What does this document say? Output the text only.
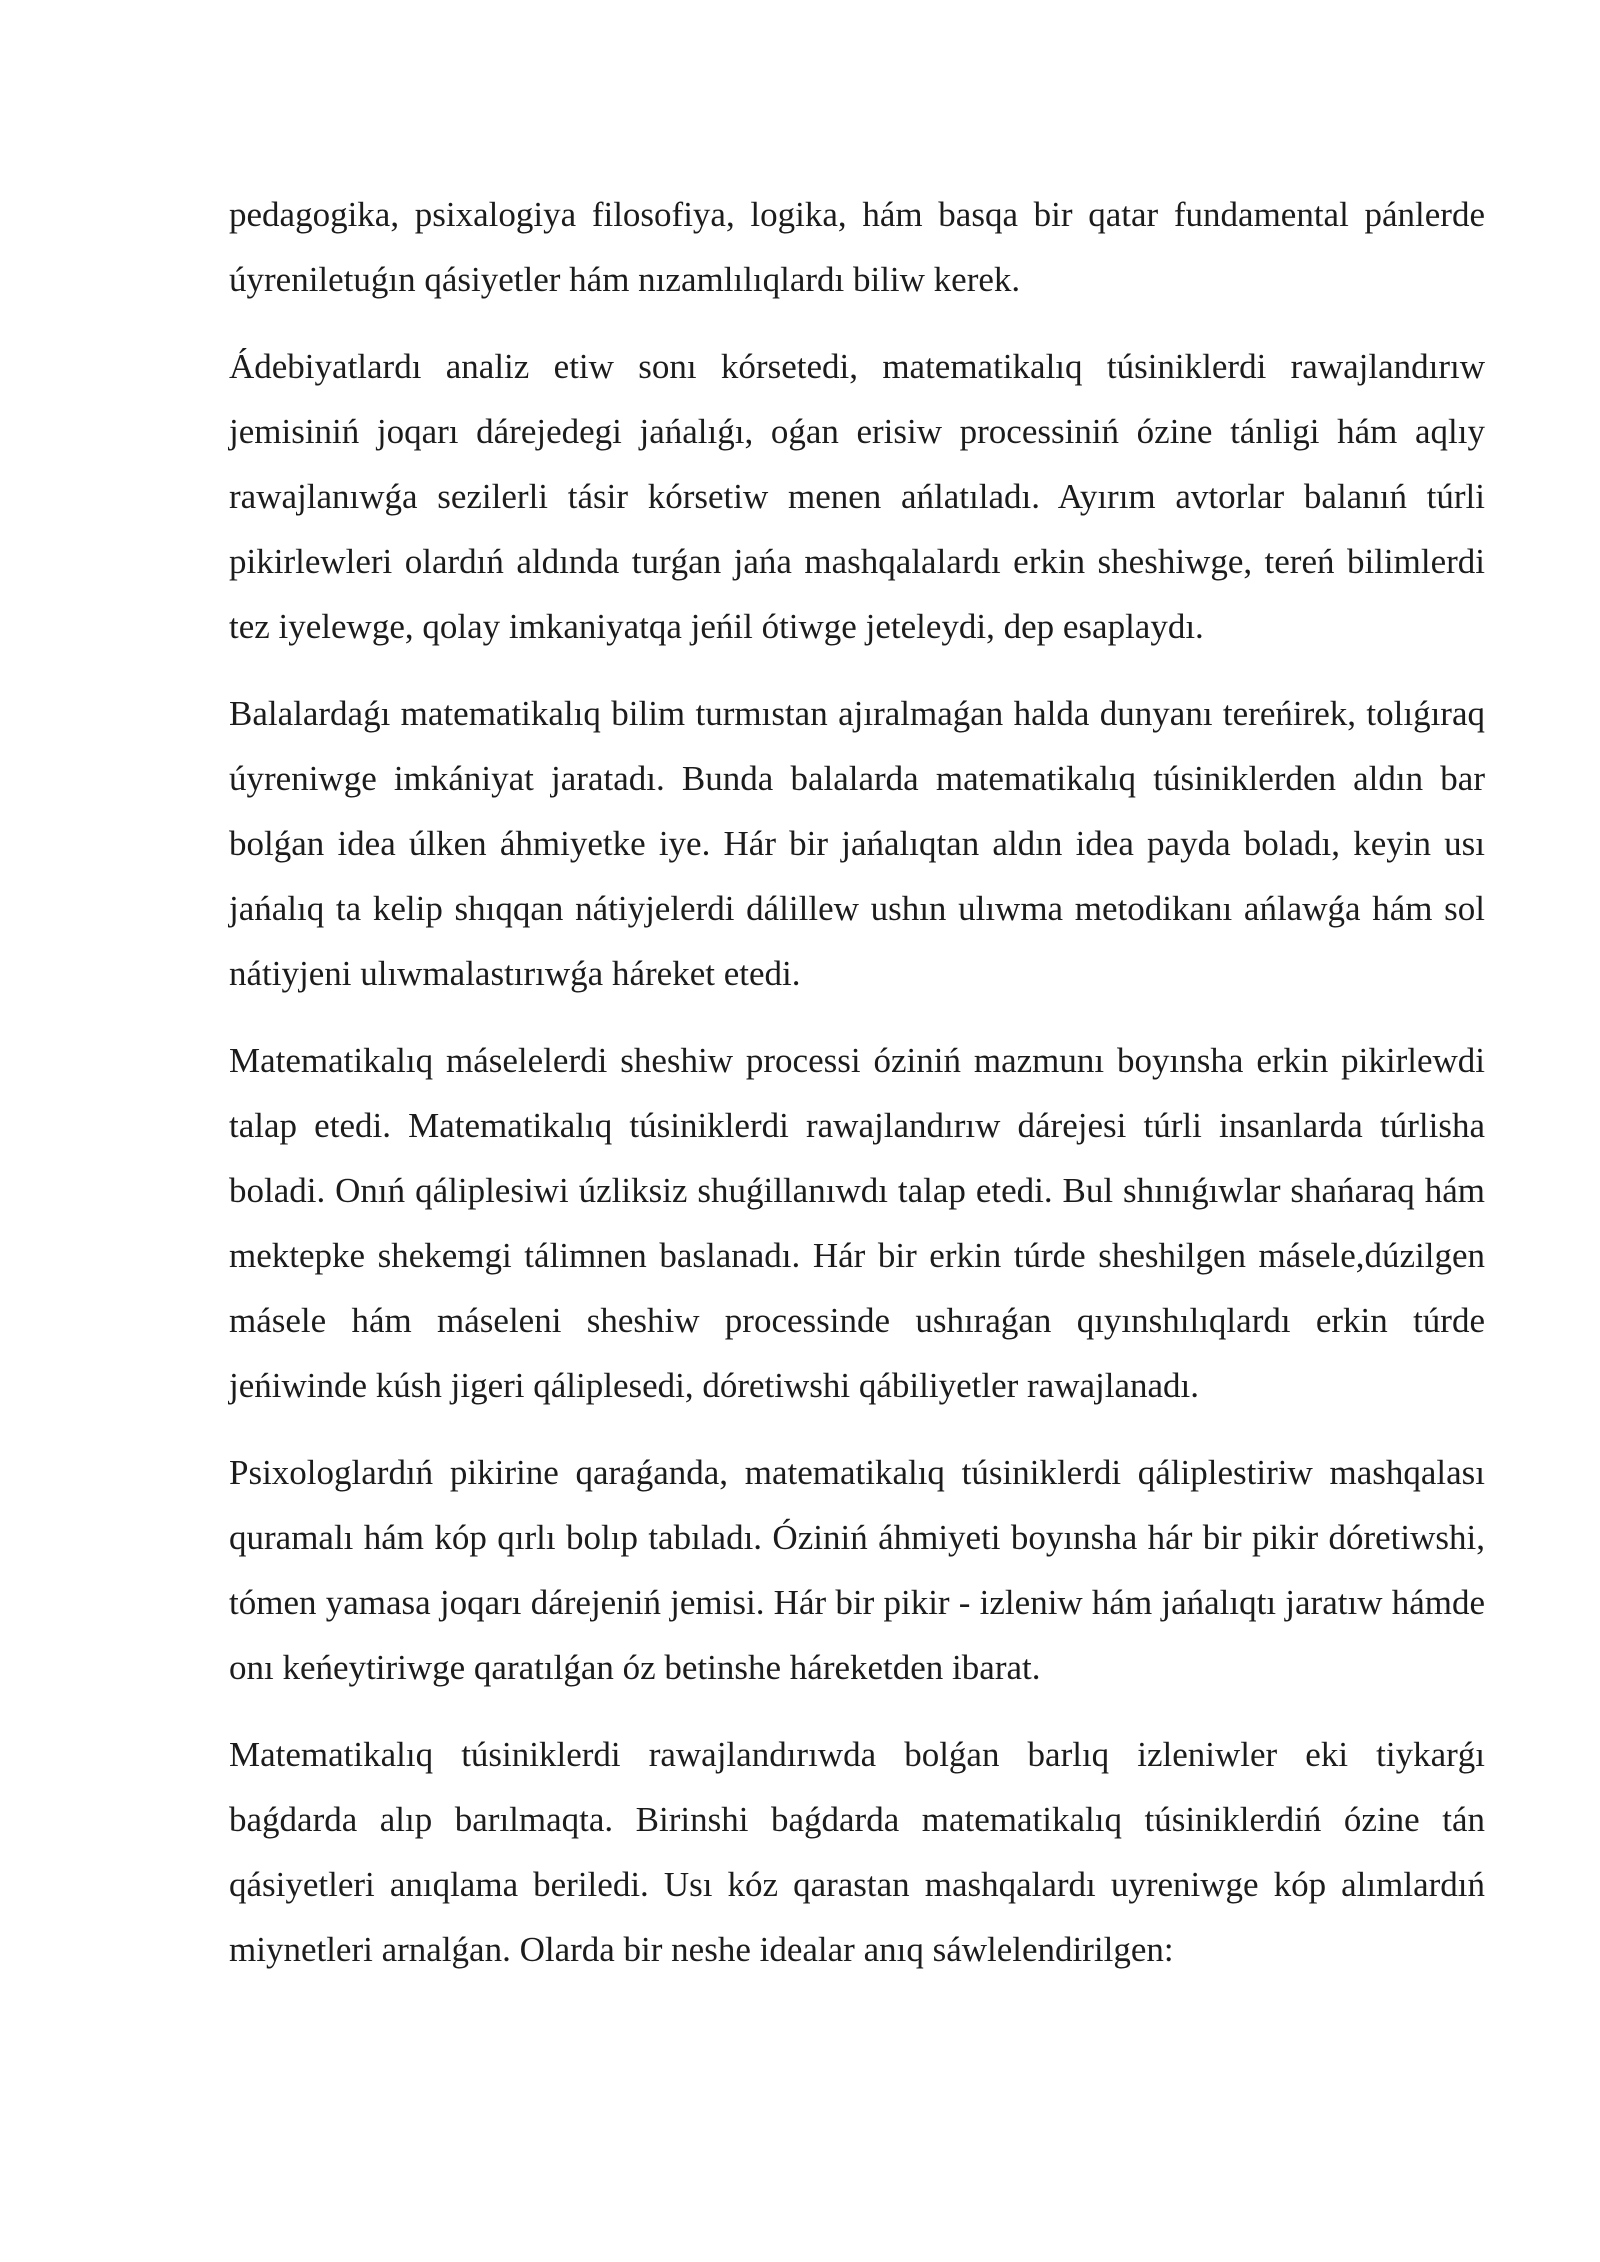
pedagogika, psixalogiya filosofiya, logika, hám basqa bir qatar fundamental pánlerde úyreniletuǵın qásiyetler hám nızamlılıqlardı biliw kerek.

Ádebiyatlardı analiz etiw sonı kórsetedi, matematikalıq túsiniklerdi rawajlandırıw jemisiniń joqarı dárejedegi jańalıǵı, oǵan erisiw processiniń ózine tánligi hám aqlıy rawajlanıwǵa sezilerli tásir kórsetiw menen ańlatıladı. Ayırım avtorlar balanıń túrli pikirlewleri olardıń aldında turǵan jańa mashqalalardı erkin sheshiwge, tereń bilimlerdi tez iyelewge, qolay imkaniyatqa jeńil ótiwge jeteleydi, dep esaplaydı.

Balalardaǵı matematikalıq bilim turmıstan ajıralmaǵan halda dunyanı tereńirek, tolıǵıraq úyreniwge imkániyat jaratadı. Bunda balalarda matematikalıq túsiniklerden aldın bar bolǵan idea úlken áhmiyetke iye. Hár bir jańalıqtan aldın idea payda boladı, keyin usı jańalıq ta kelip shıqqan nátiyjelerdi dálillew ushın ulıwma metodikanı ańlawǵa hám sol nátiyjeni ulıwmalastırıwǵa háreket etedi.

Matematikalıq máselelerdi sheshiw processi óziniń mazmunı boyınsha erkin pikirlewdi talap etedi. Matematikalıq túsiniklerdi rawajlandırıw dárejesi túrli insanlarda túrlisha boladi. Onıń qáliplesiwi úzliksiz shuǵillanıwdı talap etedi. Bul shınıǵıwlar shańaraq hám mektepke shekemgi tálimnen baslanadı. Hár bir erkin túrde sheshilgen másele,dúzilgen másele hám máseleni sheshiw processinde ushıraǵan qıyınshılıqlardı erkin túrde jeńiwinde kúsh jigeri qáliplesedi, dóretiwshi qábiliyetler rawajlanadı.

Psixologlardıń pikirine qaraǵanda, matematikalıq túsiniklerdi qáliplestiriw mashqalası quramalı hám kóp qırlı bolıp tabıladı. Óziniń áhmiyeti boyınsha hár bir pikir dóretiwshi, tómen yamasa joqarı dárejeniń jemisi. Hár bir pikir - izleniw hám jańalıqtı jaratıw hámde onı keńeytiriwge qaratılǵan óz betinshe háreketden ibarat.

Matematikalıq túsiniklerdi rawajlandırıwda bolǵan barlıq izleniwler eki tiykarǵı baǵdarda alıp barılmaqta. Birinshi baǵdarda matematikalıq túsiniklerdiń ózine tán qásiyetleri anıqlama beriledi. Usı kóz qarastan mashqalardı uyreniwge kóp alımlardıń miynetleri arnalǵan. Olarda bir neshe idealar anıq sáwlelendirilgen:
